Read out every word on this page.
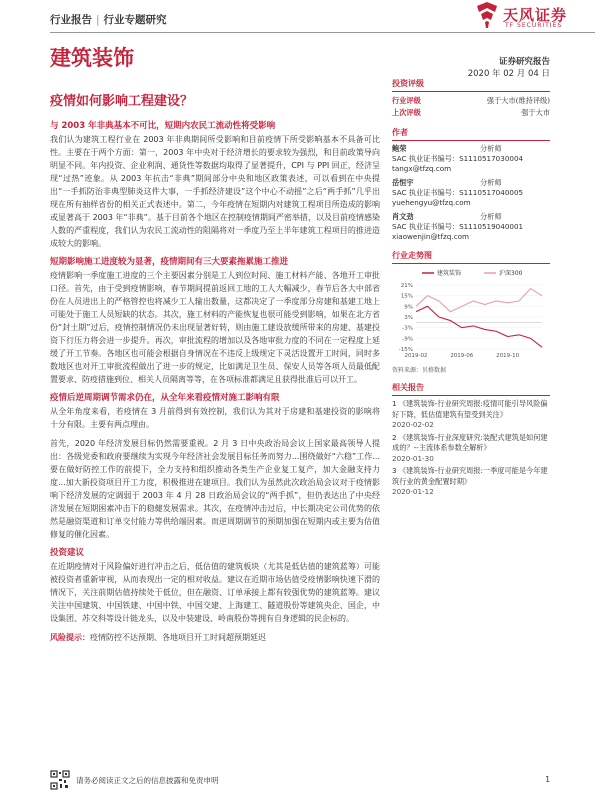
行业报告 | 行业专题研究	天风证券
TF SECURITIES
建筑装饰	证券研究报告
2020 年 02 月 04 日
疫情如何影响工程建设？
与 2003 年非典基本不可比，短期内农民工流动性将受影响

我们认为建筑工程行业在 2003 年非典期间所受影响和目前疫情下所受影响基本不具备可比性。主要在于两个方面：第一，2003 年中央对于经济增长的要求较为强烈，和目前政策导向明显不同。年内投资、企业利润、通货性等数据均取得了显著提升，CPI 与 PPI 回正，经济呈现“过热”迹象。从 2003 年抗击“非典”期间部分中央和地区政策表述，可以看到在中央提出“一手抓防治非典型肺炎这件大事，一手抓经济建设”这个中心不动摇”之后“两手抓”几乎出现在所有抽样省份的相关正式表述中。第二，今年疫情在短期内对建筑工程项目所造成的影响或显著高于 2003 年“非典”。基于目前各个地区在控制疫情期间严密举措，以及目前疫情感染人数的严重程度，我们认为农民工流动性的阻隔将对一季度乃至上半年建筑工程项目的推进造成较大的影响。

短期影响施工进度较为显著，疫情期间有三大要素拖累施工推进

疫情影响一季度施工进度的三个主要因素分别是工人到位时间、施工材料产能、各地开工审批口径。首先，由于受到疫情影响，春节期间提前返回工地的工人大幅减少，春节后各大中部省份在人员进出上的严格管控也将减少工人输出数量，这都决定了一季度部分房建和基建工地上可能处于施工人员短缺的状态。其次，施工材料的产能恢复也很可能受到影响，如果在北方省份“封土期”过后，疫情控制情况仍未出现显著好转，则由施工建设放缓所带来的房建、基建投资下行压力将会进一步提升。再次，审批流程的增加以及各地审批力度的不同在一定程度上延缓了开工节奏。各地区也可能会根据自身情况在不违反上级规定下灵活设置开工时间，同时多数地区也对开工审批流程做出了进一步的规定，比如满足卫生员、保安人员等各项人员最低配置要求、防疫措施到位、相关人员隔离等等，在各项标准都满足且获得批准后可以开工。

疫情后逆周期调节需求仍在，从全年来看疫情对施工影响有限

从全年角度来看，若疫情在 3 月前得到有效控制，我们认为其对于房建和基建投资的影响将十分有限。主要有两点理由。

首先，2020 年经济发展目标仍然需要重视。2 月 3 日中央政治局会议上国家最高领导人提出：各级党委和政府要继续为实现今年经济社会发展目标任务而努力...围绕做好“六稳”工作... 要在做好防控工作的前提下，全力支持和组织推动各类生产企业复工复产，加大金融支持力度...加大新投资项目开工力度，积极推进在建项目。我们认为虽然此次政治局会议对于疫情影响下经济发展的定调弱于 2003 年 4 月 28 日政治局会议的“两手抓”，但仍表达出了中央经济发展在短期困素冲击下的稳健发展需求。其次，在疫情冲击过后，中长期决定公司优势的依然是融资渠道和订单交付能力等供给端因素。而逆周期调节的预期加强在短期内或主要为估值修复的催化因素。

投资建议

在近期疫情对于风险偏好进行冲击之后，低估值的建筑板块（尤其是低估值的建筑蓝筹）可能被投资者重新审视，从而表现出一定的相对收益。建议在近期市场估值受疫情影响快速下滑的情况下，关注前期估值持续处于低位，但在融资、订单承接上都有较强优势的建筑蓝筹。建议关注中国建筑、中国铁建、中国中铁、中国交建、上海建工、隧道股份等建筑央企、国企，中设集团、苏交科等设计链龙头，以及中装建设、岭南股份等拥有自身逻辑的民企标的。

风险提示：疫情防控不达预期、各地项目开工时间超预期延迟

投资评级
行业评级	强于大市(维持评级)
上次评级	强于大市
作者
鲍荣	分析师
SAC 执业证书编号：S1110517030004
tangx@tfzq.com
岳恒宇	分析师
SAC 执业证书编号：S1110517040005
yuehengyu@tfzq.com
肖文劲	分析师
SAC 执业证书编号：S1110519040001
xiaowenjin@tfzq.com
行业走势图
21%
15%
9%
3%
-3%
-9%
-15%
2019-02	2019-06	2019-10
建筑装饰	沪深300
资料来源：贝格数据
相关报告
1 《建筑装饰-行业研究周报:疫情可能引导风险偏好下降，低估值建筑有望受到关注》
2020-02-02
2 《建筑装饰-行业深度研究:装配式建筑是如何建成的？--主流体系参数全解析》
2020-01-30
3 《建筑装饰-行业研究周报:一季度可能是今年建筑行业的黄金配置时期》
2020-01-12
请务必阅读正文之后的信息披露和免责申明	1
